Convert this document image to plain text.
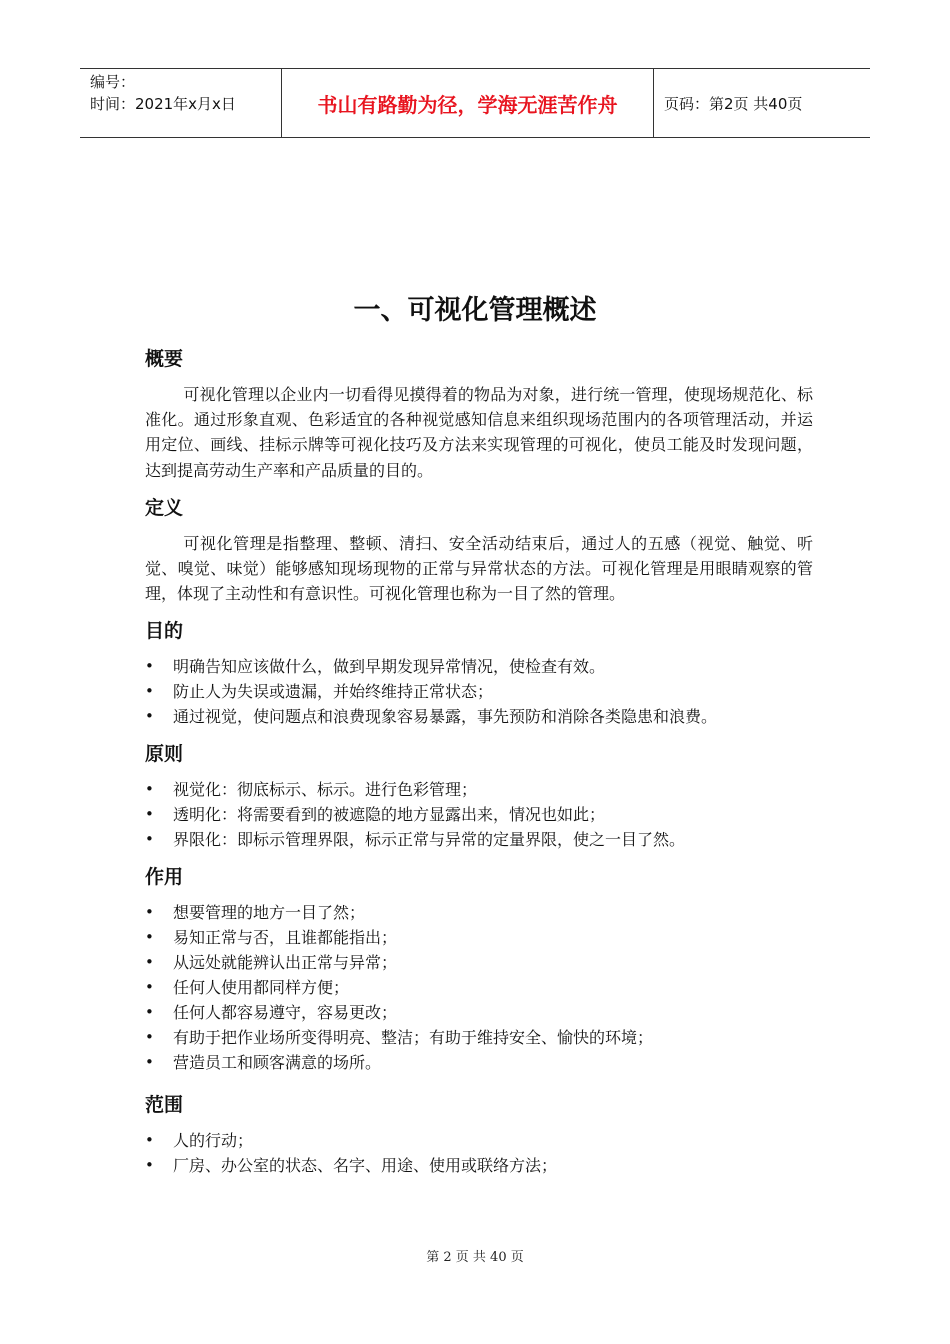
编号：
时间：2021年x月x日	书山有路勤为径，学海无涯苦作舟	页码：第2页 共40页
一、可视化管理概述
概要

可视化管理以企业内一切看得见摸得着的物品为对象，进行统一管理，使现场规范化、标准化。通过形象直观、色彩适宜的各种视觉感知信息来组织现场范围内的各项管理活动，并运用定位、画线、挂标示牌等可视化技巧及方法来实现管理的可视化，使员工能及时发现问题，达到提高劳动生产率和产品质量的目的。

定义

可视化管理是指整理、整顿、清扫、安全活动结束后，通过人的五感（视觉、触觉、听觉、嗅觉、味觉）能够感知现场现物的正常与异常状态的方法。可视化管理是用眼睛观察的管理，体现了主动性和有意识性。可视化管理也称为一目了然的管理。

目的
• 明确告知应该做什么，做到早期发现异常情况，使检查有效。
• 防止人为失误或遗漏，并始终维持正常状态；
• 通过视觉，使问题点和浪费现象容易暴露，事先预防和消除各类隐患和浪费。
原则
• 视觉化：彻底标示、标示。进行色彩管理；
• 透明化：将需要看到的被遮隐的地方显露出来，情况也如此；
• 界限化：即标示管理界限，标示正常与异常的定量界限，使之一目了然。
作用
• 想要管理的地方一目了然；
• 易知正常与否，且谁都能指出；
• 从远处就能辨认出正常与异常；
• 任何人使用都同样方便；
• 任何人都容易遵守，容易更改；
• 有助于把作业场所变得明亮、整洁；有助于维持安全、愉快的环境；
• 营造员工和顾客满意的场所。
范围
• 人的行动；
• 厂房、办公室的状态、名字、用途、使用或联络方法；
第 2 页 共 40 页
